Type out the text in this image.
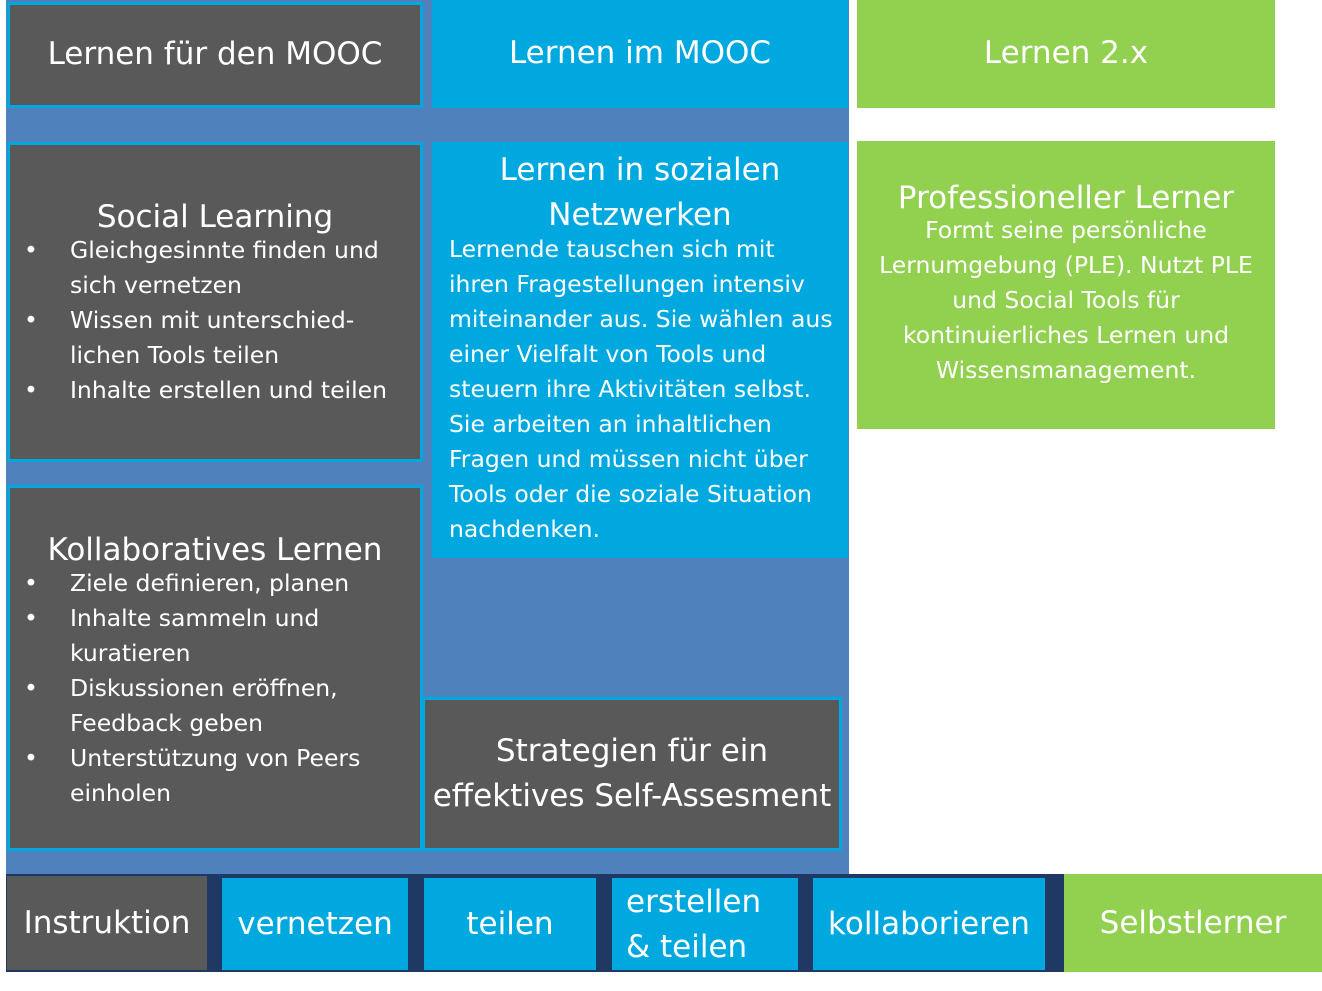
Lernen für den MOOC	Lernen im MOOC	Lernen 2.x
Social Learning
• Gleichgesinnte finden und
sich vernetzen
• Wissen mit unterschied-
lichen Tools teilen
• Inhalte erstellen und teilen
Kollaboratives Lernen
• Ziele definieren, planen
• Inhalte sammeln und
kuratieren
• Diskussionen eröffnen,
Feedback geben
• Unterstützung von Peers
einholen
Lernen in sozialen
Netzwerken
Lernende tauschen sich mit
ihren Fragestellungen intensiv
miteinander aus. Sie wählen aus
einer Vielfalt von Tools und
steuern ihre Aktivitäten selbst.
Sie arbeiten an inhaltlichen
Fragen und müssen nicht über
Tools oder die soziale Situation
nachdenken.
Strategien für ein
effektives Self-Assesment
Professioneller Lerner
Formt seine persönliche
Lernumgebung (PLE). Nutzt PLE
und Social Tools für
kontinuierliches Lernen und
Wissensmanagement.
Instruktion vernetzen teilen
erstellen
& teilen
kollaborieren Selbstlerner
